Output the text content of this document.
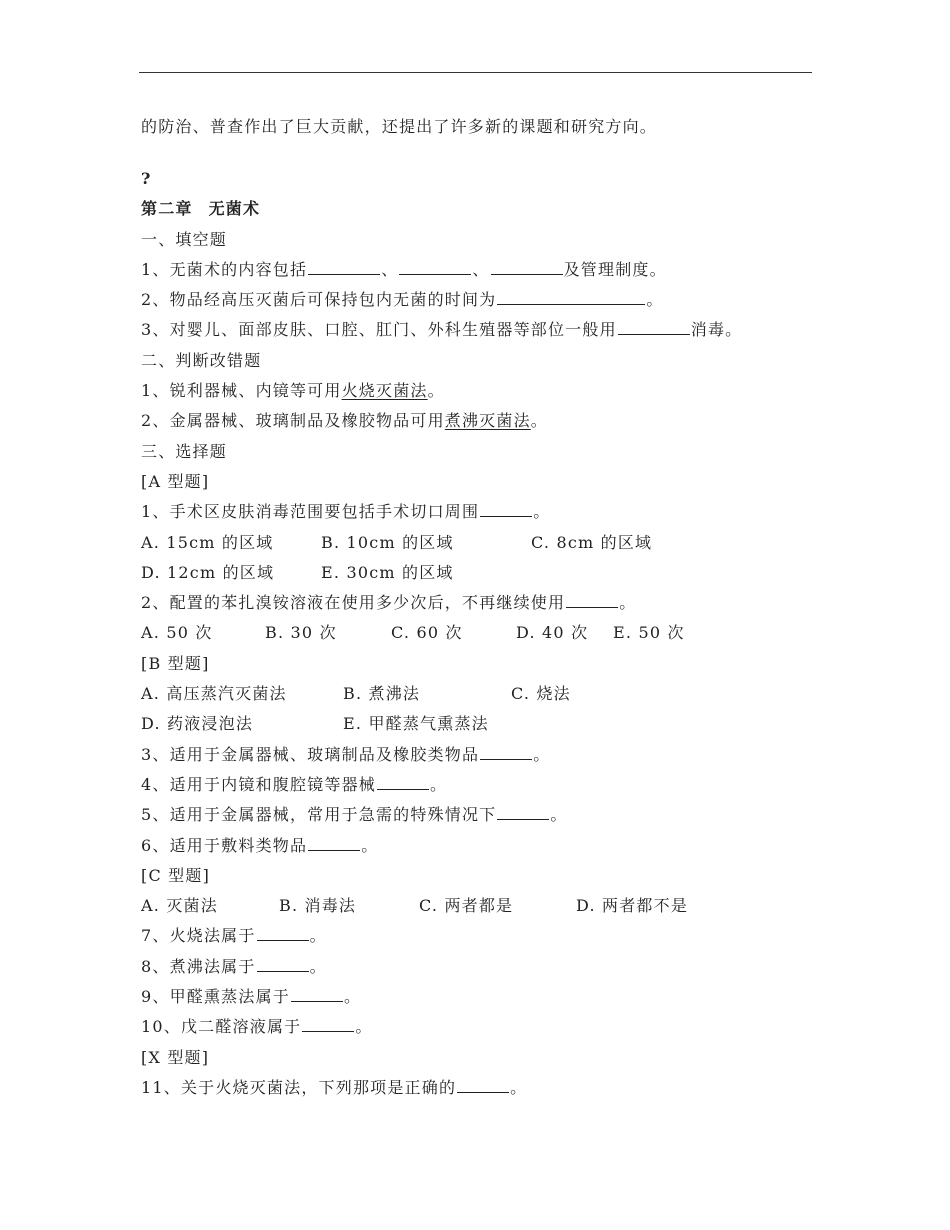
的防治、普查作出了巨大贡献，还提出了许多新的课题和研究方向。
?
第二章 无菌术
一、填空题
1、无菌术的内容包括	、	、	及管理制度。
2、物品经高压灭菌后可保持包内无菌的时间为	。
3、对婴儿、面部皮肤、口腔、肛门、外科生殖器等部位一般用	消毒。
二、判断改错题
1、锐利器械、内镜等可用火烧灭菌法。
2、金属器械、玻璃制品及橡胶物品可用煮沸灭菌法。
三、选择题
[A 型题]
1、手术区皮肤消毒范围要包括手术切口周围	。
A. 15cm 的区域	B. 10cm 的区域	C. 8cm 的区域
D. 12cm 的区域	E. 30cm 的区域
2、配置的苯扎溴铵溶液在使用多少次后，不再继续使用	。
A. 50 次	B. 30 次	C. 60 次	D. 40 次 E. 50 次
[B 型题]
A. 高压蒸汽灭菌法	B. 煮沸法	C. 烧法
D. 药液浸泡法	E. 甲醛蒸气熏蒸法
3、适用于金属器械、玻璃制品及橡胶类物品	。
4、适用于内镜和腹腔镜等器械	。
5、适用于金属器械，常用于急需的特殊情况下	。
6、适用于敷料类物品	。
[C 型题]
A. 灭菌法	B. 消毒法	C. 两者都是	D. 两者都不是
7、火烧法属于	。
8、煮沸法属于	。
9、甲醛熏蒸法属于	。
10、戊二醛溶液属于	。
[X 型题]
11、关于火烧灭菌法，下列那项是正确的	。
